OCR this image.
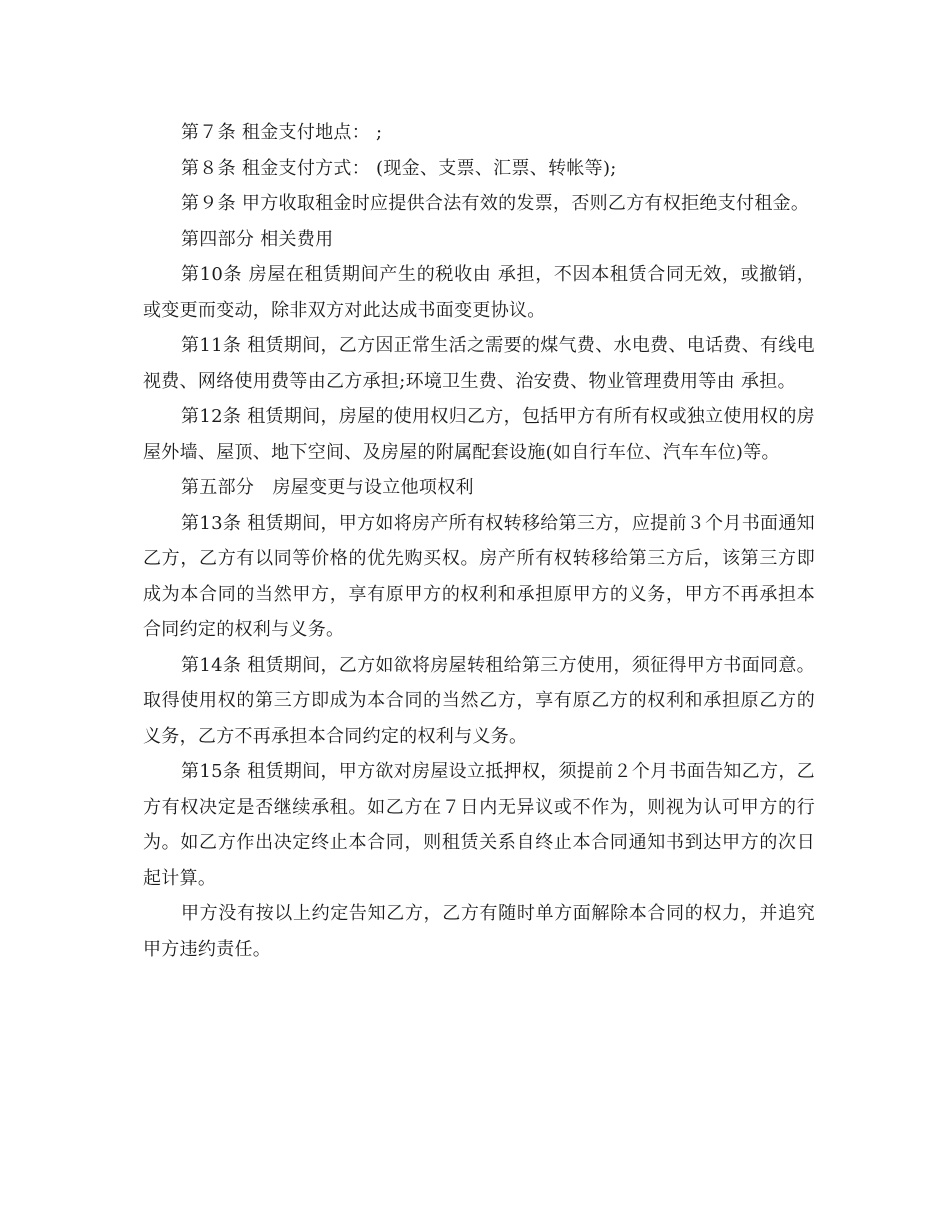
第７条 租金支付地点： ;

第８条 租金支付方式： (现金、支票、汇票、转帐等);

第９条 甲方收取租金时应提供合法有效的发票，否则乙方有权拒绝支付租金。

第四部分 相关费用

第10条 房屋在租赁期间产生的税收由 承担，不因本租赁合同无效，或撤销，或变更而变动，除非双方对此达成书面变更协议。

第11条 租赁期间，乙方因正常生活之需要的煤气费、水电费、电话费、有线电视费、网络使用费等由乙方承担;环境卫生费、治安费、物业管理费用等由 承担。

第12条 租赁期间，房屋的使用权归乙方，包括甲方有所有权或独立使用权的房屋外墙、屋顶、地下空间、及房屋的附属配套设施(如自行车位、汽车车位)等。

第五部分　房屋变更与设立他项权利

第13条 租赁期间，甲方如将房产所有权转移给第三方，应提前３个月书面通知乙方，乙方有以同等价格的优先购买权。房产所有权转移给第三方后，该第三方即成为本合同的当然甲方，享有原甲方的权利和承担原甲方的义务，甲方不再承担本合同约定的权利与义务。

第14条 租赁期间，乙方如欲将房屋转租给第三方使用，须征得甲方书面同意。取得使用权的第三方即成为本合同的当然乙方，享有原乙方的权利和承担原乙方的义务，乙方不再承担本合同约定的权利与义务。

第15条 租赁期间，甲方欲对房屋设立抵押权，须提前２个月书面告知乙方，乙方有权决定是否继续承租。如乙方在７日内无异议或不作为，则视为认可甲方的行为。如乙方作出决定终止本合同，则租赁关系自终止本合同通知书到达甲方的次日起计算。

甲方没有按以上约定告知乙方，乙方有随时单方面解除本合同的权力，并追究甲方违约责任。
